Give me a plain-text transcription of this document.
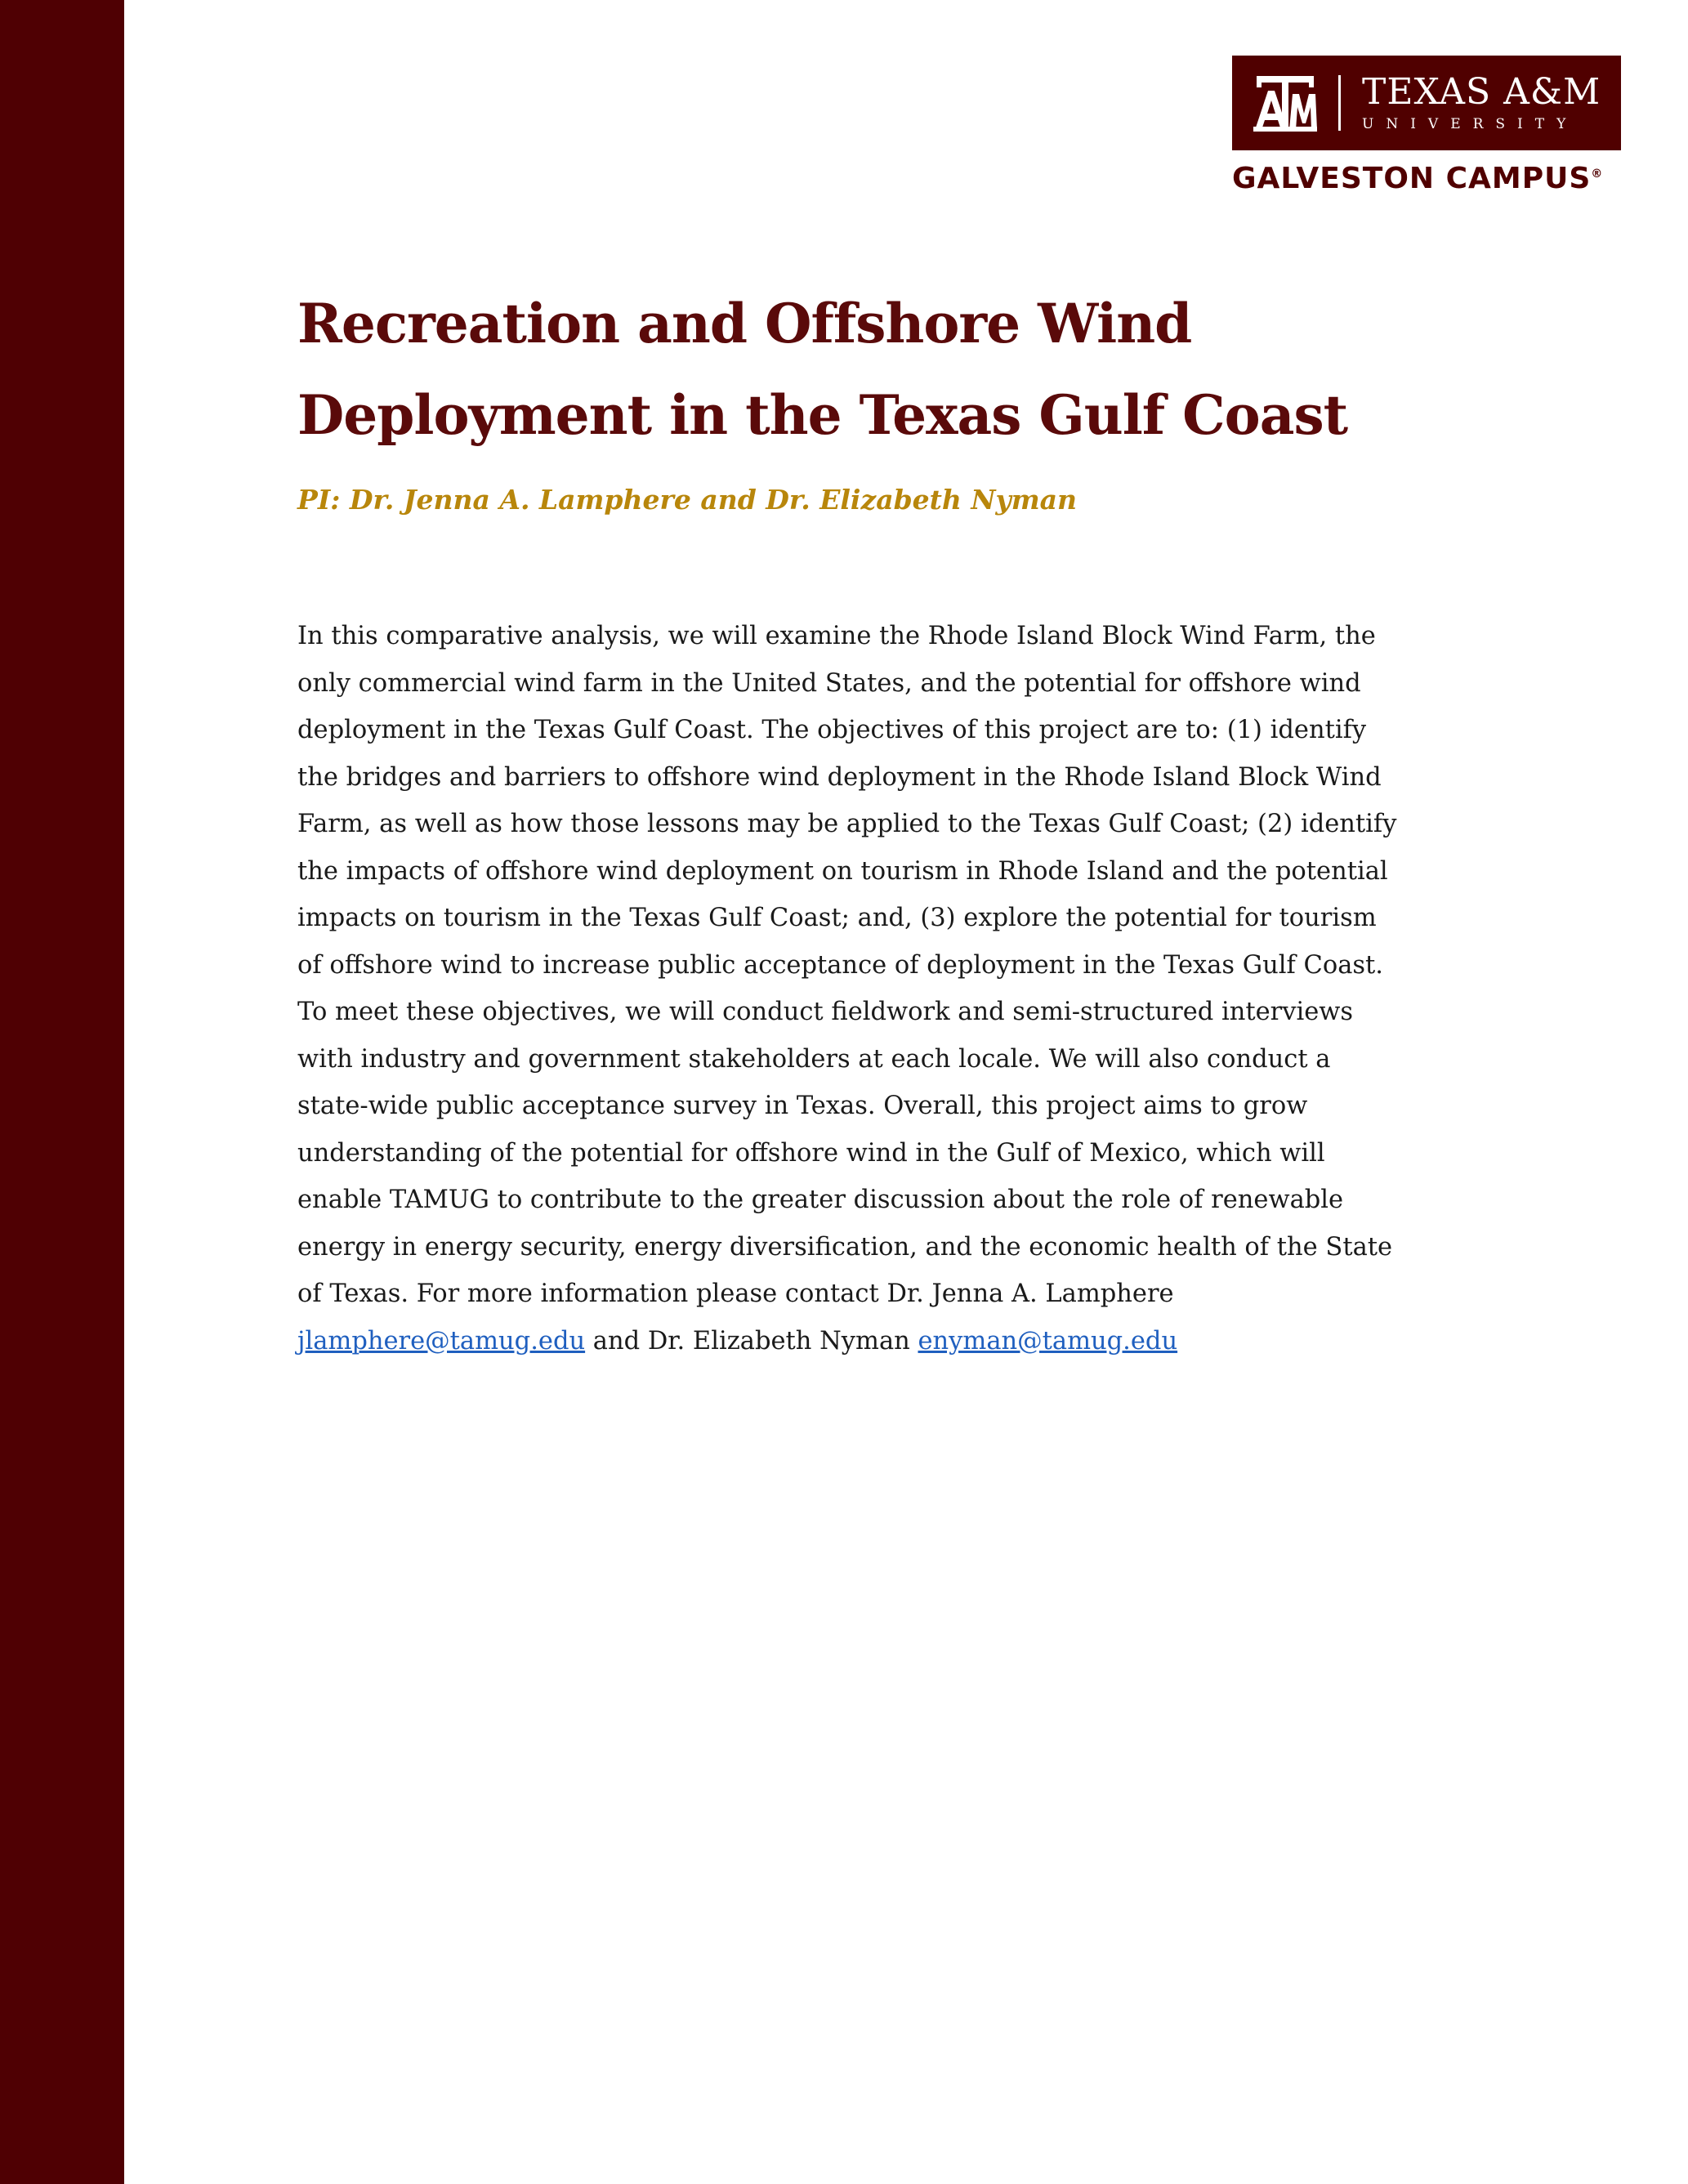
TEXAS A&M
UNIVERSITY
GALVESTON CAMPUS®
Recreation and Offshore Wind Deployment in the Texas Gulf Coast
PI: Dr. Jenna A. Lamphere and Dr. Elizabeth Nyman

In this comparative analysis, we will examine the Rhode Island Block Wind Farm, the only commercial wind farm in the United States, and the potential for offshore wind deployment in the Texas Gulf Coast. The objectives of this project are to: (1) identify the bridges and barriers to offshore wind deployment in the Rhode Island Block Wind Farm, as well as how those lessons may be applied to the Texas Gulf Coast; (2) identify the impacts of offshore wind deployment on tourism in Rhode Island and the potential impacts on tourism in the Texas Gulf Coast; and, (3) explore the potential for tourism of offshore wind to increase public acceptance of deployment in the Texas Gulf Coast. To meet these objectives, we will conduct fieldwork and semi-structured interviews with industry and government stakeholders at each locale. We will also conduct a state-wide public acceptance survey in Texas. Overall, this project aims to grow understanding of the potential for offshore wind in the Gulf of Mexico, which will enable TAMUG to contribute to the greater discussion about the role of renewable energy in energy security, energy diversification, and the economic health of the State of Texas. For more information please contact Dr. Jenna A. Lamphere jlamphere@tamug.edu and Dr. Elizabeth Nyman enyman@tamug.edu
